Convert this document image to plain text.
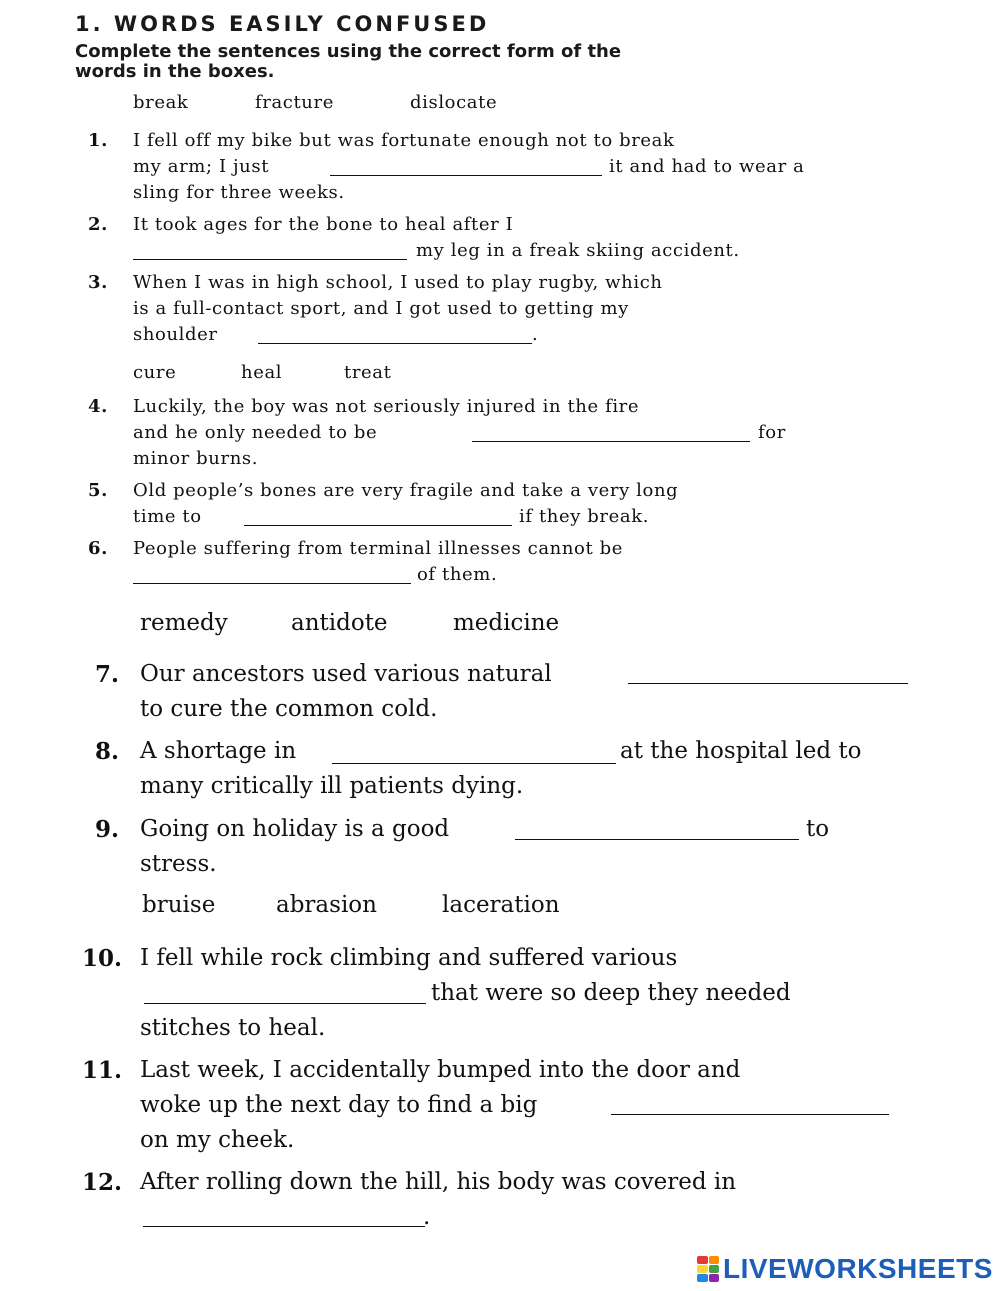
1. WORDS EASILY CONFUSED
Complete the sentences using the correct form of the
words in the boxes.
break	fracture	dislocate
1. I fell off my bike but was fortunate enough not to break
my arm; I just	it and had to wear a
sling for three weeks.
2. It took ages for the bone to heal after I
my leg in a freak skiing accident.
3. When I was in high school, I used to play rugby, which
is a full-contact sport, and I got used to getting my
shoulder	.
cure	heal	treat
4. Luckily, the boy was not seriously injured in the fire
and he only needed to be	for
minor burns.
5. Old people’s bones are very fragile and take a very long
time to	if they break.
6. People suffering from terminal illnesses cannot be
of them.
remedy	antidote	medicine
7. Our ancestors used various natural
to cure the common cold.
8. A shortage in	at the hospital led to
many critically ill patients dying.
9. Going on holiday is a good	to
stress.
bruise	abrasion	laceration
10. I fell while rock climbing and suffered various
that were so deep they needed
stitches to heal.
11. Last week, I accidentally bumped into the door and
woke up the next day to find a big
on my cheek.
12. After rolling down the hill, his body was covered in
.
LIVEWORKSHEETS
